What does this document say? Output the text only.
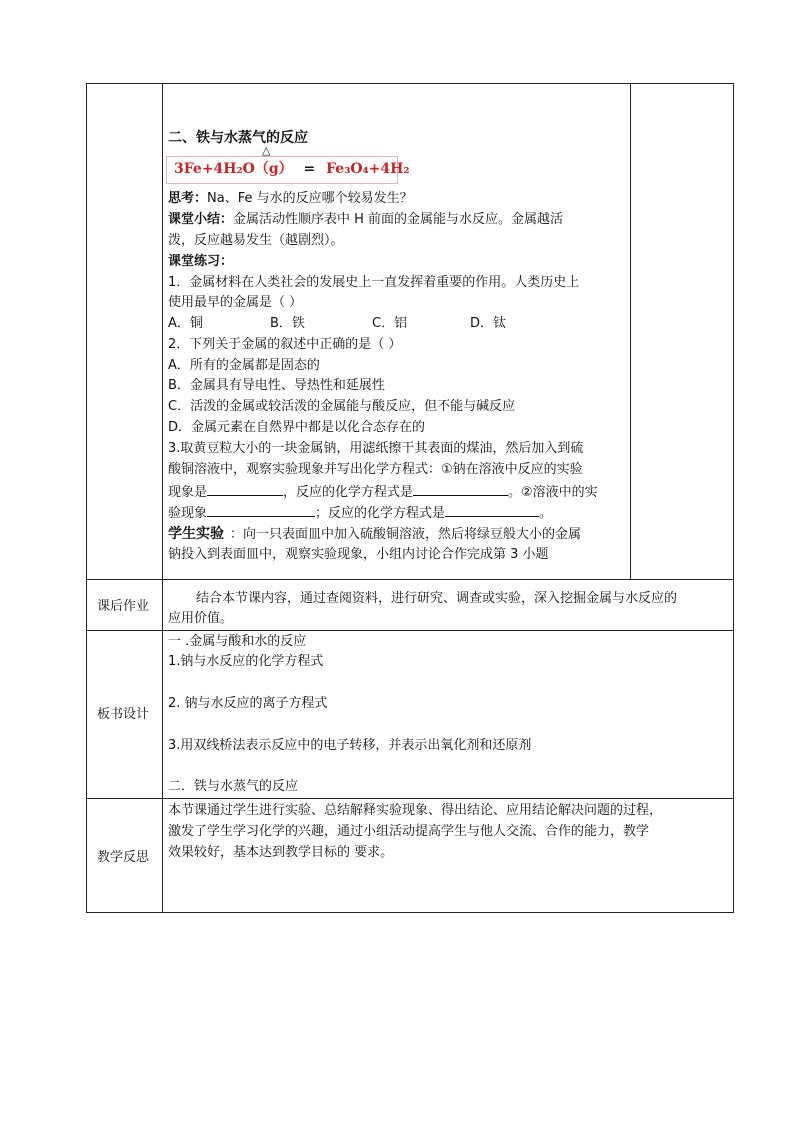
二、铁与水蒸气的反应
3Fe+4H₂O（g） = Fe₃O₄+4H₂
△
思考：Na、Fe 与水的反应哪个较易发生？
课堂小结：金属活动性顺序表中 H 前面的金属能与水反应。金属越活
泼，反应越易发生（越剧烈）。
课堂练习：
1．金属材料在人类社会的发展史上一直发挥着重要的作用。人类历史上
使用最早的金属是（ ）
A．铜	B．铁	C．铝	D．钛
2．下列关于金属的叙述中正确的是（ ）
A．所有的金属都是固态的
B．金属具有导电性、导热性和延展性
C．活泼的金属或较活泼的金属能与酸反应，但不能与碱反应
D．金属元素在自然界中都是以化合态存在的
3.取黄豆粒大小的一块金属钠，用滤纸擦干其表面的煤油，然后加入到硫
酸铜溶液中，观察实验现象并写出化学方程式：①钠在溶液中反应的实验
现象是	，反应的化学方程式是	。②溶液中的实
验现象	；反应的化学方程式是	。
学生实验 ：向一只表面皿中加入硫酸铜溶液，然后将绿豆般大小的金属
钠投入到表面皿中，观察实验现象，小组内讨论合作完成第 3 小题
课后作业
结合本节课内容，通过查阅资料，进行研究、调查或实验，深入挖掘金属与水反应的
应用价值。
板书设计
一 .金属与酸和水的反应
1.钠与水反应的化学方程式
2. 钠与水反应的离子方程式
3.用双线桥法表示反应中的电子转移，并表示出氧化剂和还原剂
二．铁与水蒸气的反应
教学反思
本节课通过学生进行实验、总结解释实验现象、得出结论、应用结论解决问题的过程，
激发了学生学习化学的兴趣，通过小组活动提高学生与他人交流、合作的能力，教学
效果较好，基本达到教学目标的 要求。
